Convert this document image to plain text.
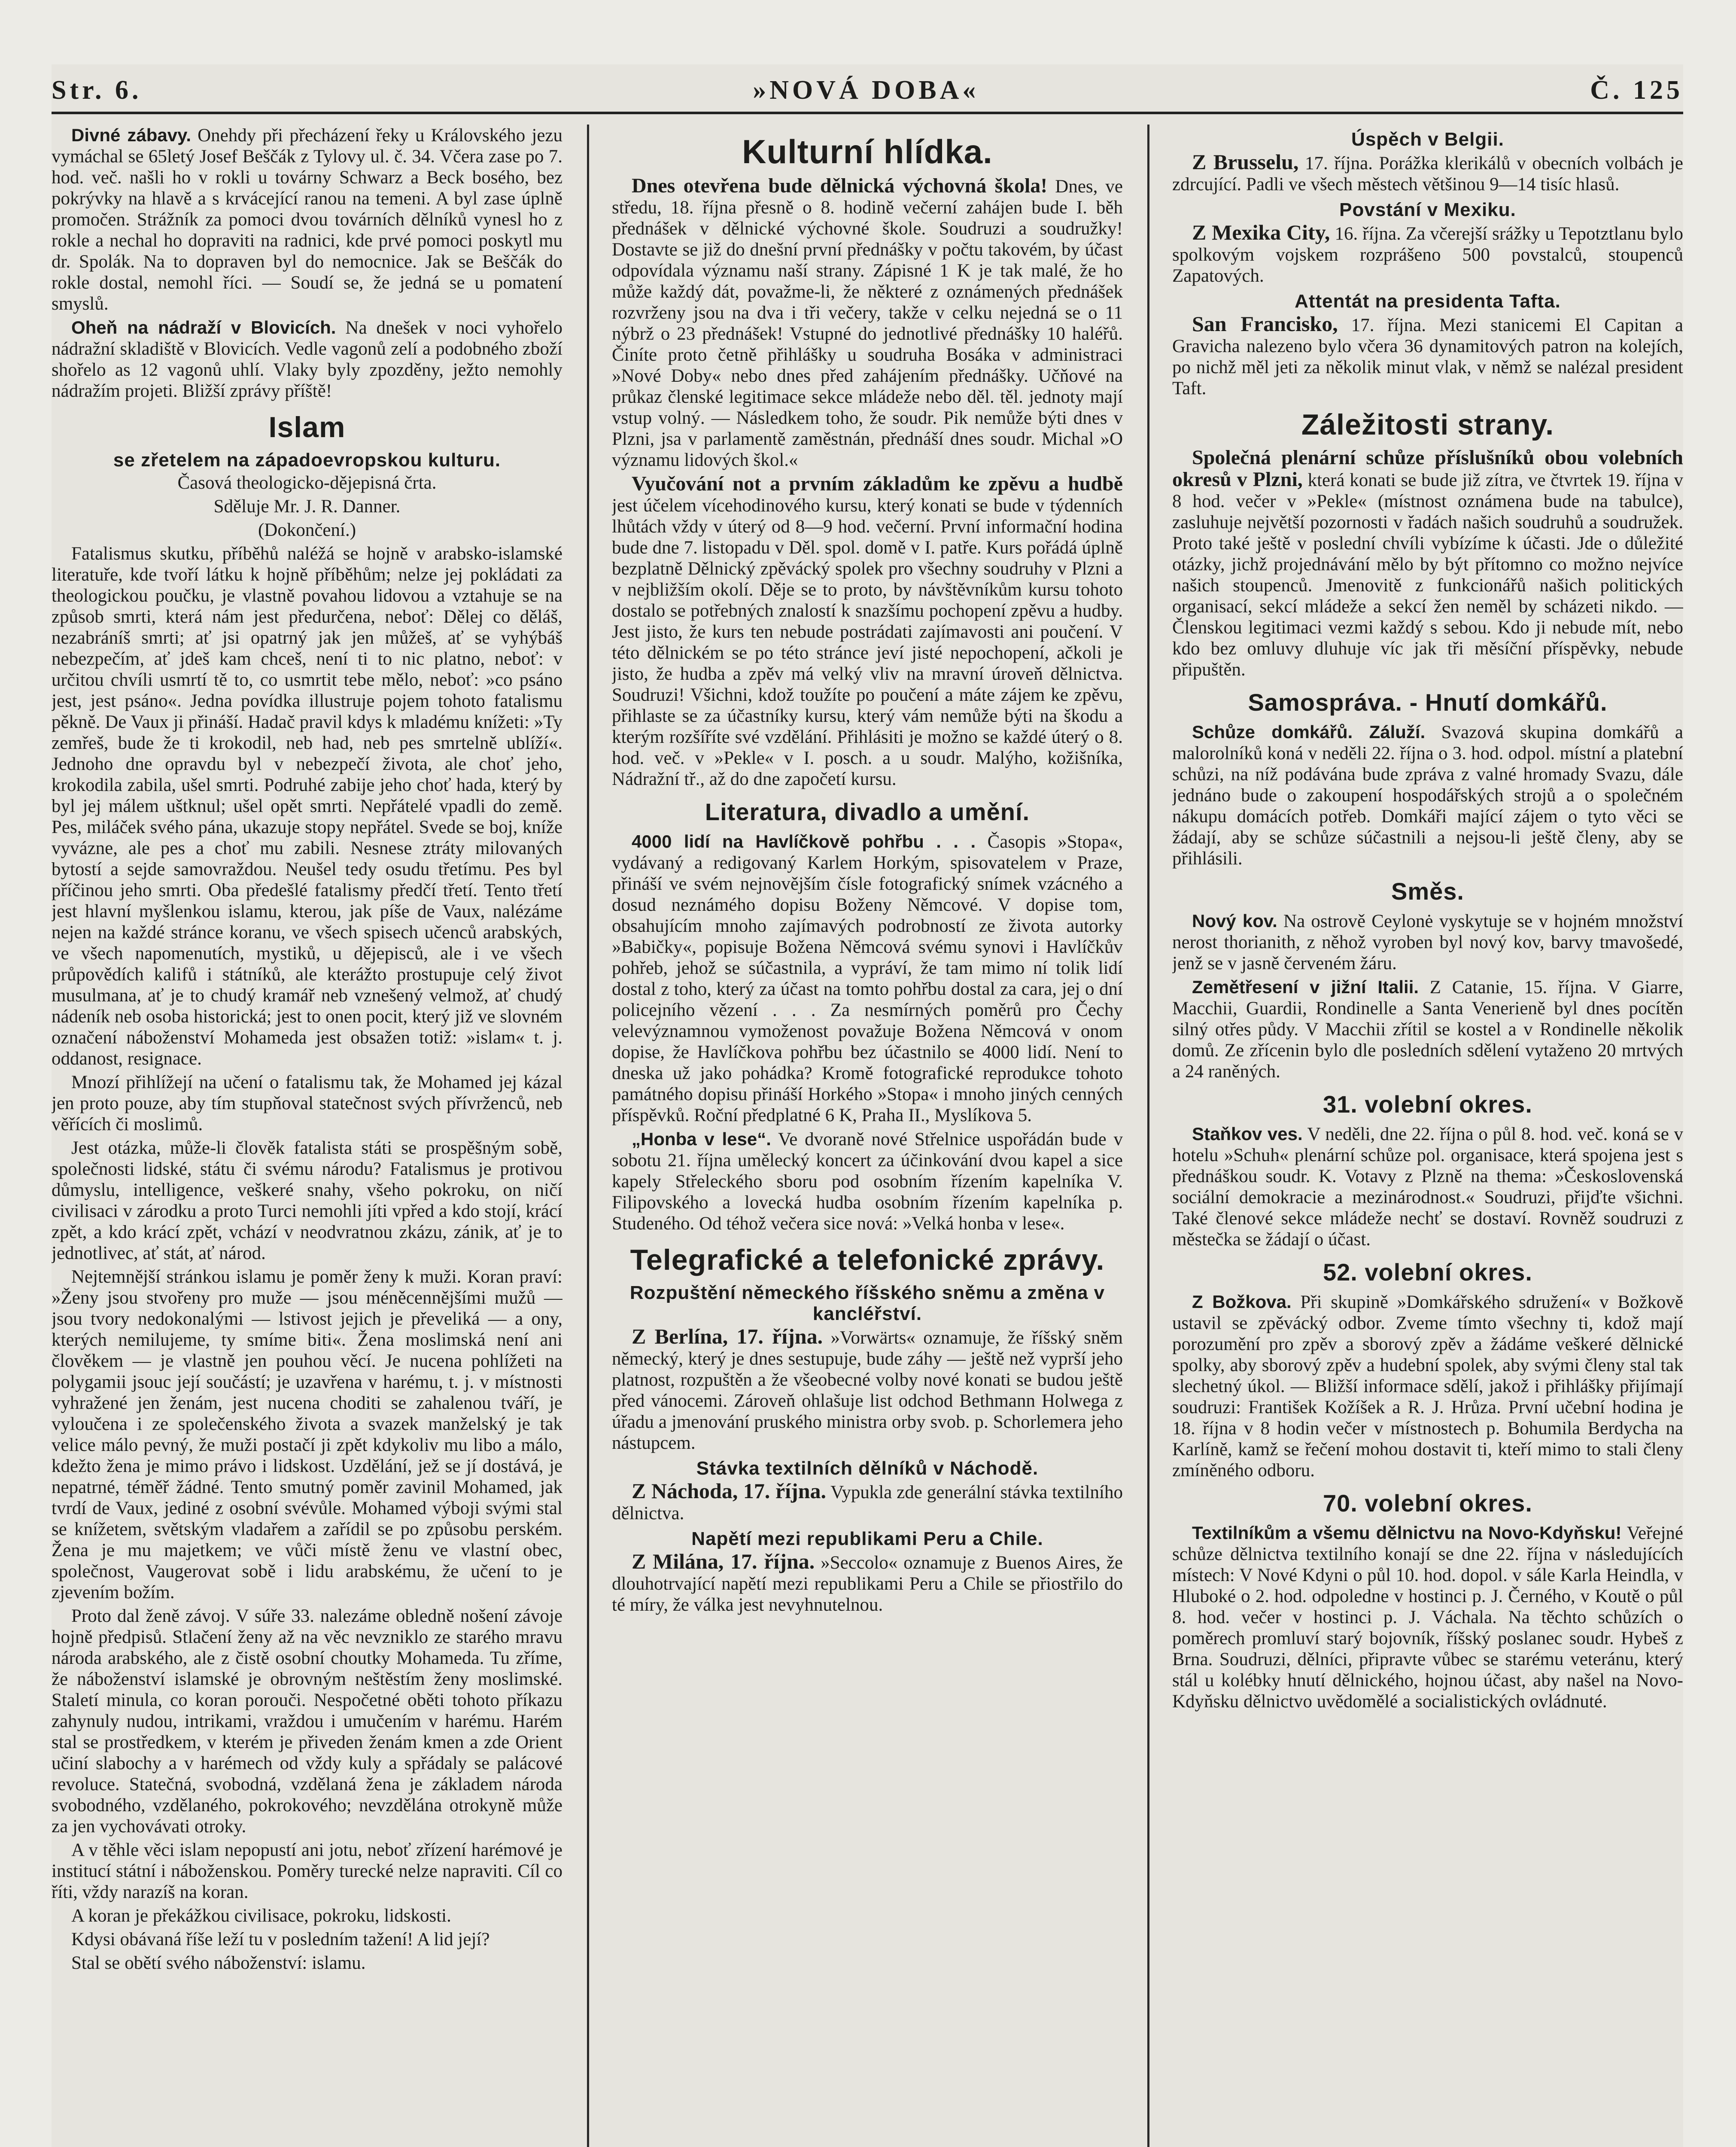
Str. 6.	»NOVÁ DOBA«	Č. 125

Divné zábavy. Onehdy při přecházení řeky u Královského jezu vymáchal se 65letý Josef Beščák z Tylovy ul. č. 34. Včera zase po 7. hod. več. našli ho v rokli u továrny Schwarz a Beck bosého, bez pokrývky na hlavě a s krvácející ranou na temeni. A byl zase úplně promočen. Strážník za pomoci dvou továrních dělníků vynesl ho z rokle a nechal ho dopraviti na radnici, kde prvé pomoci poskytl mu dr. Spolák. Na to dopraven byl do nemocnice. Jak se Beščák do rokle dostal, nemohl říci. — Soudí se, že jedná se u pomatení smyslů.

Oheň na nádraží v Blovicích. Na dnešek v noci vyhořelo nádražní skladiště v Blovicích. Vedle vagonů zelí a podobného zboží shořelo as 12 vagonů uhlí. Vlaky byly zpozděny, ježto nemohly nádražím projeti. Bližší zprávy příště!

Islam
se zřetelem na západoevropskou kulturu.

Časová theologicko-dějepisná črta.

Sděluje Mr. J. R. Danner.

(Dokončení.)

Fatalismus skutku, příběhů naléžá se hojně v arabsko-islamské literatuře, kde tvoří látku k hojně příběhům; nelze jej pokládati za theologickou poučku, je vlastně povahou lidovou a vztahuje se na způsob smrti, která nám jest předurčena, neboť: Dělej co děláš, nezabráníš smrti; ať jsi opatrný jak jen můžeš, ať se vyhýbáš nebezpečím, ať jdeš kam chceš, není ti to nic platno, neboť: v určitou chvíli usmrtí tě to, co usmrtit tebe mělo, neboť: »co psáno jest, jest psáno«. Jedna povídka illustruje pojem tohoto fatalismu pěkně. De Vaux ji přináší. Hadač pravil kdys k mladému knížeti: »Ty zemřeš, bude že ti krokodil, neb had, neb pes smrtelně ublíží«. Jednoho dne opravdu byl v nebezpečí života, ale choť jeho, krokodila zabila, ušel smrti. Podruhé zabije jeho choť hada, který by byl jej málem uštknul; ušel opět smrti. Nepřátelé vpadli do země. Pes, miláček svého pána, ukazuje stopy nepřátel. Svede se boj, kníže vyvázne, ale pes a choť mu zabili. Nesnese ztráty milovaných bytostí a sejde samovraždou. Neušel tedy osudu třetímu. Pes byl příčinou jeho smrti. Oba předešlé fatalismy předčí třetí. Tento třetí jest hlavní myšlenkou islamu, kterou, jak píše de Vaux, nalézáme nejen na každé stránce koranu, ve všech spisech učenců arabských, ve všech napomenutích, mystiků, u dějepisců, ale i ve všech průpovědích kalifů i státníků, ale kterážto prostupuje celý život musulmana, ať je to chudý kramář neb vznešený velmož, ať chudý nádeník neb osoba historická; jest to onen pocit, který již ve slovném označení náboženství Mohameda jest obsažen totiž: »islam« t. j. oddanost, resignace.

Mnozí přihlížejí na učení o fatalismu tak, že Mohamed jej kázal jen proto pouze, aby tím stupňoval statečnost svých přívrženců, neb věřících či moslimů.

Jest otázka, může-li člověk fatalista státi se prospěšným sobě, společnosti lidské, státu či svému národu? Fatalismus je protivou důmyslu, intelligence, veškeré snahy, všeho pokroku, on ničí civilisaci v zárodku a proto Turci nemohli jíti vpřed a kdo stojí, krácí zpět, a kdo krácí zpět, vchází v neodvratnou zkázu, zánik, ať je to jednotlivec, ať stát, ať národ.

Nejtemnější stránkou islamu je poměr ženy k muži. Koran praví: »Ženy jsou stvořeny pro muže — jsou méněcennějšími mužů — jsou tvory nedokonalými — lstivost jejich je převeliká — a ony, kterých nemilujeme, ty smíme biti«. Žena moslimská není ani člověkem — je vlastně jen pouhou věcí. Je nucena pohlížeti na polygamii jsouc její součástí; je uzavřena v harému, t. j. v místnosti vyhražené jen ženám, jest nucena choditi se zahalenou tváří, je vyloučena i ze společenského života a svazek manželský je tak velice málo pevný, že muži postačí ji zpět kdykoliv mu libo a málo, kdežto žena je mimo právo i lidskost. Uzdělání, jež se jí dostává, je nepatrné, téměř žádné. Tento smutný poměr zavinil Mohamed, jak tvrdí de Vaux, jediné z osobní svévůle. Mohamed výboji svými stal se knížetem, světským vladařem a zařídil se po způsobu perském. Žena je mu majetkem; ve vůči místě ženu ve vlastní obec, společnost, Vaugerovat sobě i lidu arabskému, že učení to je zjevením božím.

Proto dal ženě závoj. V súře 33. nalezáme obledně nošení závoje hojně předpisů. Stlačení ženy až na věc nevzniklo ze starého mravu národa arabského, ale z čistě osobní choutky Mohameda. Tu zříme, že náboženství islamské je obrovným neštěstím ženy moslimské. Staletí minula, co koran porouči. Nespočetné oběti tohoto příkazu zahynuly nudou, intrikami, vraždou i umučením v harému. Harém stal se prostředkem, v kterém je přiveden ženám kmen a zde Orient učiní slabochy a v harémech od vždy kuly a spřádaly se palácové revoluce. Statečná, svobodná, vzdělaná žena je základem národa svobodného, vzdělaného, pokrokového; nevzdělána otrokyně může za jen vychovávati otroky.

A v těhle věci islam nepopustí ani jotu, neboť zřízení harémové je institucí státní i náboženskou. Poměry turecké nelze napraviti. Cíl co říti, vždy narazíš na koran.

A koran je překážkou civilisace, pokroku, lidskosti.

Kdysi obávaná říše leží tu v posledním tažení! A lid její?

Stal se obětí svého náboženství: islamu.

Kulturní hlídka.

Dnes otevřena bude dělnická výchovná škola! Dnes, ve středu, 18. října přesně o 8. hodině večerní zahájen bude I. běh přednášek v dělnické výchovné škole. Soudruzi a soudružky! Dostavte se již do dnešní první přednášky v počtu takovém, by účast odpovídala významu naší strany. Zápisné 1 K je tak malé, že ho může každý dát, považme-li, že některé z oznámených přednášek rozvrženy jsou na dva i tři večery, takže v celku nejedná se o 11 nýbrž o 23 přednášek! Vstupné do jednotlivé přednášky 10 haléřů. Činíte proto četně přihlášky u soudruha Bosáka v administraci »Nové Doby« nebo dnes před zahájením přednášky. Učňové na průkaz členské legitimace sekce mládeže nebo děl. těl. jednoty mají vstup volný. — Následkem toho, že soudr. Pik nemůže býti dnes v Plzni, jsa v parlamentě zaměstnán, přednáší dnes soudr. Michal »O významu lidových škol.«

Vyučování not a prvním základům ke zpěvu a hudbě jest účelem vícehodinového kursu, který konati se bude v týdenních lhůtách vždy v úterý od 8—9 hod. večerní. První informační hodina bude dne 7. listopadu v Děl. spol. domě v I. patře. Kurs pořádá úplně bezplatně Dělnický zpěvácký spolek pro všechny soudruhy v Plzni a v nejbližším okolí. Děje se to proto, by návštěvníkům kursu tohoto dostalo se potřebných znalostí k snazšímu pochopení zpěvu a hudby. Jest jisto, že kurs ten nebude postrádati zajímavosti ani poučení. V této dělnickém se po této stránce jeví jisté nepochopení, ačkoli je jisto, že hudba a zpěv má velký vliv na mravní úroveň dělnictva. Soudruzi! Všichni, kdož toužíte po poučení a máte zájem ke zpěvu, přihlaste se za účastníky kursu, který vám nemůže býti na škodu a kterým rozšíříte své vzdělání. Přihlásiti je možno se každé úterý o 8. hod. več. v »Pekle« v I. posch. a u soudr. Malýho, kožišníka, Nádražní tř., až do dne započetí kursu.

Literatura, divadlo a umění.

4000 lidí na Havlíčkově pohřbu . . . Časopis »Stopa«, vydávaný a redigovaný Karlem Horkým, spisovatelem v Praze, přináší ve svém nejnovějším čísle fotografický snímek vzácného a dosud neznámého dopisu Boženy Němcové. V dopise tom, obsahujícím mnoho zajímavých podrobností ze života autorky »Babičky«, popisuje Božena Němcová svému synovi i Havlíčkův pohřeb, jehož se súčastnila, a vypráví, že tam mimo ní tolik lidí dostal z toho, který za účast na tomto pohřbu dostal za cara, jej o dní policejního vězení . . . Za nesmírných poměrů pro Čechy velevýznamnou vymoženost považuje Božena Němcová v onom dopise, že Havlíčkova pohřbu bez účastnilo se 4000 lidí. Není to dneska už jako pohádka? Kromě fotografické reprodukce tohoto památného dopisu přináší Horkého »Stopa« i mnoho jiných cenných příspěvků. Roční předplatné 6 K, Praha II., Myslíkova 5.

„Honba v lese“. Ve dvoraně nové Střelnice uspořádán bude v sobotu 21. října umělecký koncert za účinkování dvou kapel a sice kapely Střeleckého sboru pod osobním řízením kapelníka V. Filipovského a lovecká hudba osobním řízením kapelníka p. Studeného. Od téhož večera sice nová: »Velká honba v lese«.

Telegrafické a telefonické zprávy.
Rozpuštění německého říšského sněmu a změna v kancléřství.

Z Berlína, 17. října. »Vorwärts« oznamuje, že říšský sněm německý, který je dnes sestupuje, bude záhy — ještě než vyprší jeho platnost, rozpuštěn a že všeobecné volby nové konati se budou ještě před vánocemi. Zároveň ohlašuje list odchod Bethmann Holwega z úřadu a jmenování pruského ministra orby svob. p. Schorlemera jeho nástupcem.

Stávka textilních dělníků v Náchodě.

Z Náchoda, 17. října. Vypukla zde generální stávka textilního dělnictva.

Napětí mezi republikami Peru a Chile.

Z Milána, 17. října. »Seccolo« oznamuje z Buenos Aires, že dlouhotrvající napětí mezi republikami Peru a Chile se přiostřilo do té míry, že válka jest nevyhnutelnou.

Úspěch v Belgii.

Z Brusselu, 17. října. Porážka klerikálů v obecních volbách je zdrcující. Padli ve všech městech většinou 9—14 tisíc hlasů.

Povstání v Mexiku.

Z Mexika City, 16. října. Za včerejší srážky u Tepotztlanu bylo spolkovým vojskem rozprášeno 500 povstalců, stoupenců Zapatových.

Attentát na presidenta Tafta.

San Francisko, 17. října. Mezi stanicemi El Capitan a Gravicha nalezeno bylo včera 36 dynamitových patron na kolejích, po nichž měl jeti za několik minut vlak, v němž se nalézal president Taft.

Záležitosti strany.

Společná plenární schůze příslušníků obou volebních okresů v Plzni, která konati se bude již zítra, ve čtvrtek 19. října v 8 hod. večer v »Pekle« (místnost oznámena bude na tabulce), zasluhuje největší pozornosti v řadách našich soudruhů a soudružek. Proto také ještě v poslední chvíli vybízíme k účasti. Jde o důležité otázky, jichž projednávání mělo by být přítomno co možno nejvíce našich stoupenců. Jmenovitě z funkcionářů našich politických organisací, sekcí mládeže a sekcí žen neměl by scházeti nikdo. — Členskou legitimaci vezmi každý s sebou. Kdo ji nebude mít, nebo kdo bez omluvy dluhuje víc jak tři měsíční příspěvky, nebude připuštěn.

Samospráva. - Hnutí domkářů.

Schůze domkářů. Záluží. Svazová skupina domkářů a malorolníků koná v neděli 22. října o 3. hod. odpol. místní a platební schůzi, na níž podávána bude zpráva z valné hromady Svazu, dále jednáno bude o zakoupení hospodářských strojů a o společném nákupu domácích potřeb. Domkáři mající zájem o tyto věci se žádají, aby se schůze súčastnili a nejsou-li ještě členy, aby se přihlásili.

Směs.

Nový kov. Na ostrově Ceylonė vyskytuje se v hojném množství nerost thorianith, z něhož vyroben byl nový kov, barvy tmavošedé, jenž se v jasně červeném žáru.

Zemětřesení v jižní Italii. Z Catanie, 15. října. V Giarre, Macchii, Guardii, Rondinelle a Santa Venerieně byl dnes pocítěn silný otřes půdy. V Macchii zřítil se kostel a v Rondinelle několik domů. Ze zřícenin bylo dle posledních sdělení vytaženo 20 mrtvých a 24 raněných.

31. volební okres.

Staňkov ves. V neděli, dne 22. října o půl 8. hod. več. koná se v hotelu »Schuh« plenární schůze pol. organisace, která spojena jest s přednáškou soudr. K. Votavy z Plzně na thema: »Československá sociální demokracie a mezinárodnost.« Soudruzi, přijďte všichni. Také členové sekce mládeže nechť se dostaví. Rovněž soudruzi z městečka se žádají o účast.

52. volební okres.

Z Božkova. Při skupině »Domkářského sdružení« v Božkově ustavil se zpěvácký odbor. Zveme tímto všechny ti, kdož mají porozumění pro zpěv a sborový zpěv a žádáme veškeré dělnické spolky, aby sborový zpěv a hudební spolek, aby svými členy stal tak slechetný úkol. — Bližší informace sdělí, jakož i přihlášky přijímají soudruzi: František Kožíšek a R. J. Hrůza. První učební hodina je 18. října v 8 hodin večer v místnostech p. Bohumila Berdycha na Karlíně, kamž se řečení mohou dostavit ti, kteří mimo to stali členy zmíněného odboru.

70. volební okres.

Textilníkům a všemu dělnictvu na Novo-Kdyňsku! Veřejné schůze dělnictva textilního konají se dne 22. října v následujících místech: V Nové Kdyni o půl 10. hod. dopol. v sále Karla Heindla, v Hluboké o 2. hod. odpoledne v hostinci p. J. Černého, v Koutě o půl 8. hod. večer v hostinci p. J. Váchala. Na těchto schůzích o poměrech promluví starý bojovník, říšský poslanec soudr. Hybeš z Brna. Soudruzi, dělníci, připravte vůbec se starému veteránu, který stál u kolébky hnutí dělnického, hojnou účast, aby našel na Novo-Kdyňsku dělnictvo uvědomělé a socialistických ovládnuté.
